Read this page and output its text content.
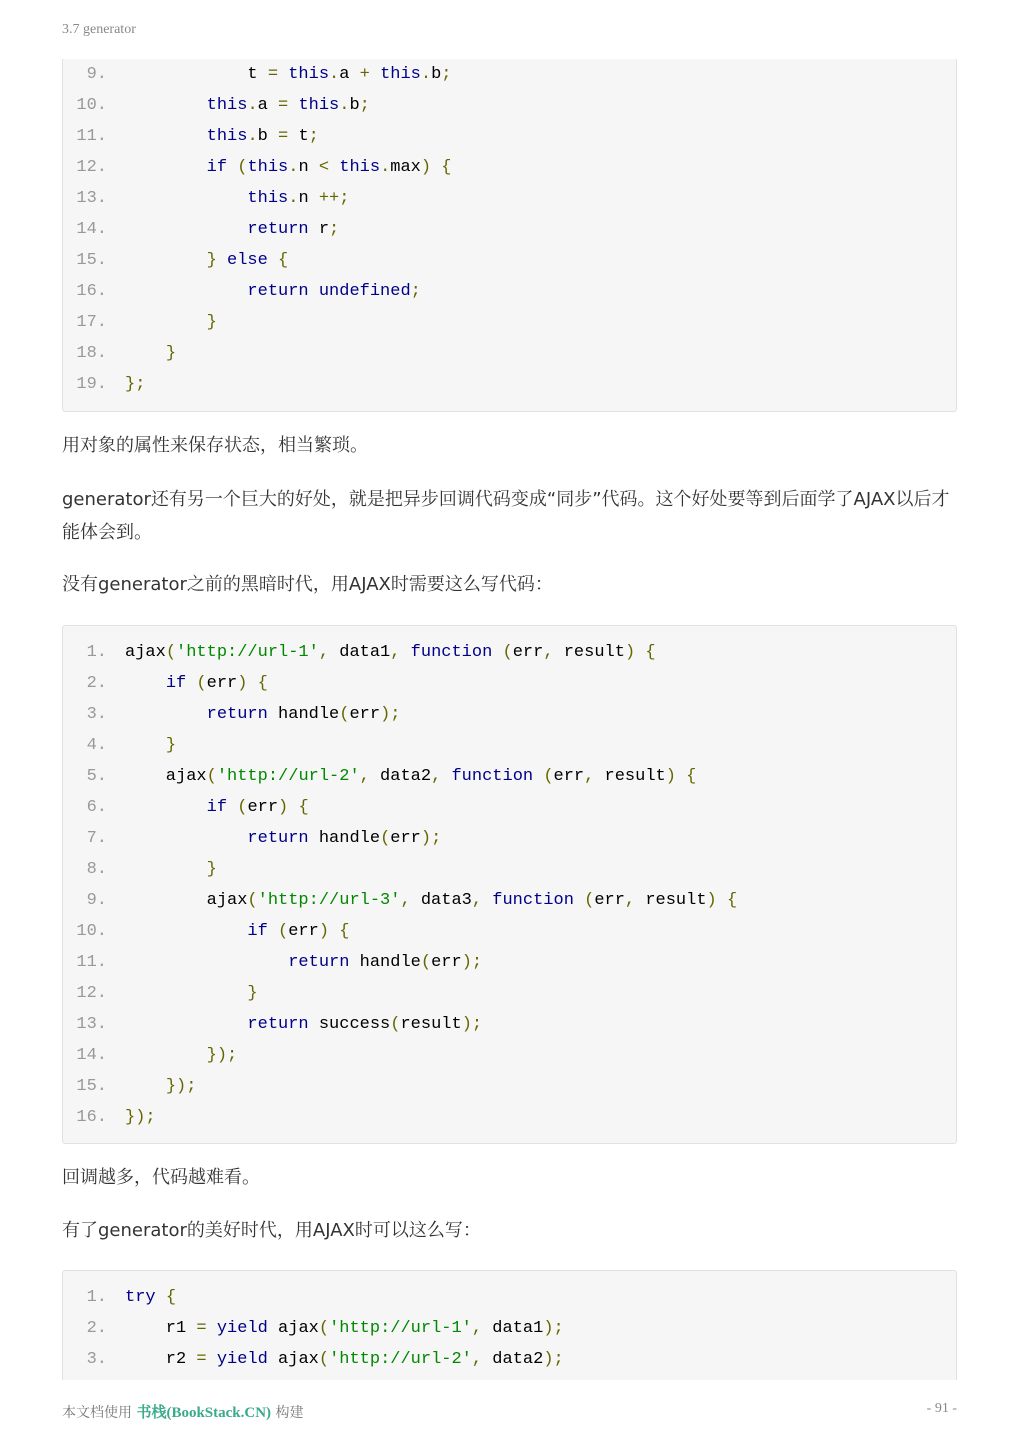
3.7 generator
9. t = this.a + this.b;
10.	this.a = this.b;
11.	this.b = t;
12.	if (this.n < this.max) {
13.	this.n ++;
14.	return r;
15.	} else {
16.	return undefined;
17.	}
18.	}
19. };

用对象的属性来保存状态，相当繁琐。

generator还有另一个巨大的好处，就是把异步回调代码变成“同步”代码。这个好处要等到后面学了AJAX以后才能体会到。

没有generator之前的黑暗时代，用AJAX时需要这么写代码：

1. ajax('http://url-1', data1, function (err, result) {
2.	if (err) {
3.	return handle(err);
4.	}
5. ajax('http://url-2', data2, function (err, result) {
6.	if (err) {
7.	return handle(err);
8.	}
9. ajax('http://url-3', data3, function (err, result) {
10.	if (err) {
11.	return handle(err);
12.	}
13.	return success(result);
14.	});
15.	});
16. });

回调越多，代码越难看。

有了generator的美好时代，用AJAX时可以这么写：

1. try {
2. r1 = yield ajax('http://url-1', data1);
3. r2 = yield ajax('http://url-2', data2);
本文档使用 书栈(BookStack.CN) 构建	- 91 -
